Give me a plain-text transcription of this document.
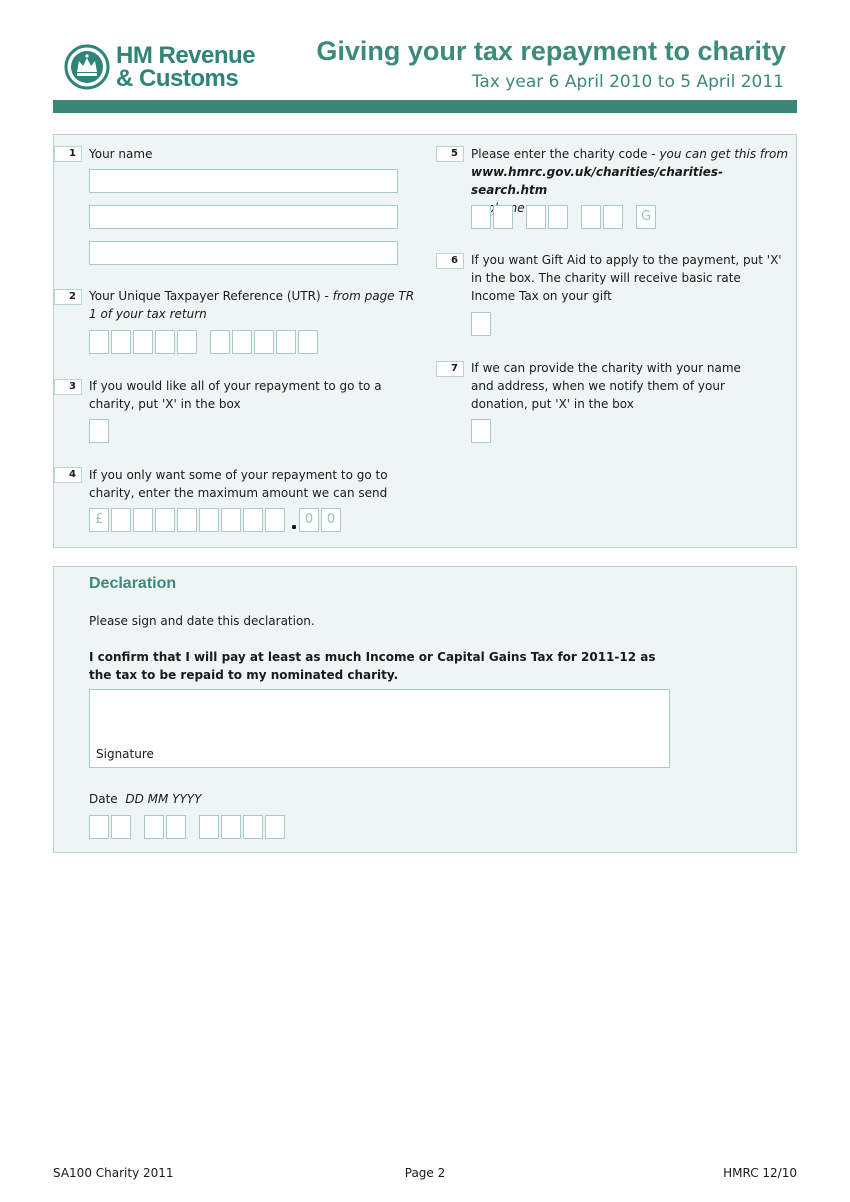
HM Revenue
& Customs
Giving your tax repayment to charity
Tax year 6 April 2010 to 5 April 2011
1	Your name
2	Your Unique Taxpayer Reference (UTR) - from page TR 1 of your tax return
3	If you would like all of your repayment to go to a charity, put 'X' in the box
4	If you only want some of your repayment to go to charity, enter the maximum amount we can send
£	0	0
5	Please enter the charity code - you can get this from
www.hmrc.gov.uk/charities/charities-search.htm
G
6	If you want Gift Aid to apply to the payment, put 'X' in the box. The charity will receive basic rate Income Tax on your gift
7	If we can provide the charity with your name and address, when we notify them of your donation, put 'X' in the box
Declaration
Please sign and date this declaration.
I confirm that I will pay at least as much Income or Capital Gains Tax for 2011-12 as the tax to be repaid to my nominated charity.
Signature
Date DD MM YYYY
SA100 Charity 2011	Page 2	HMRC 12/10
